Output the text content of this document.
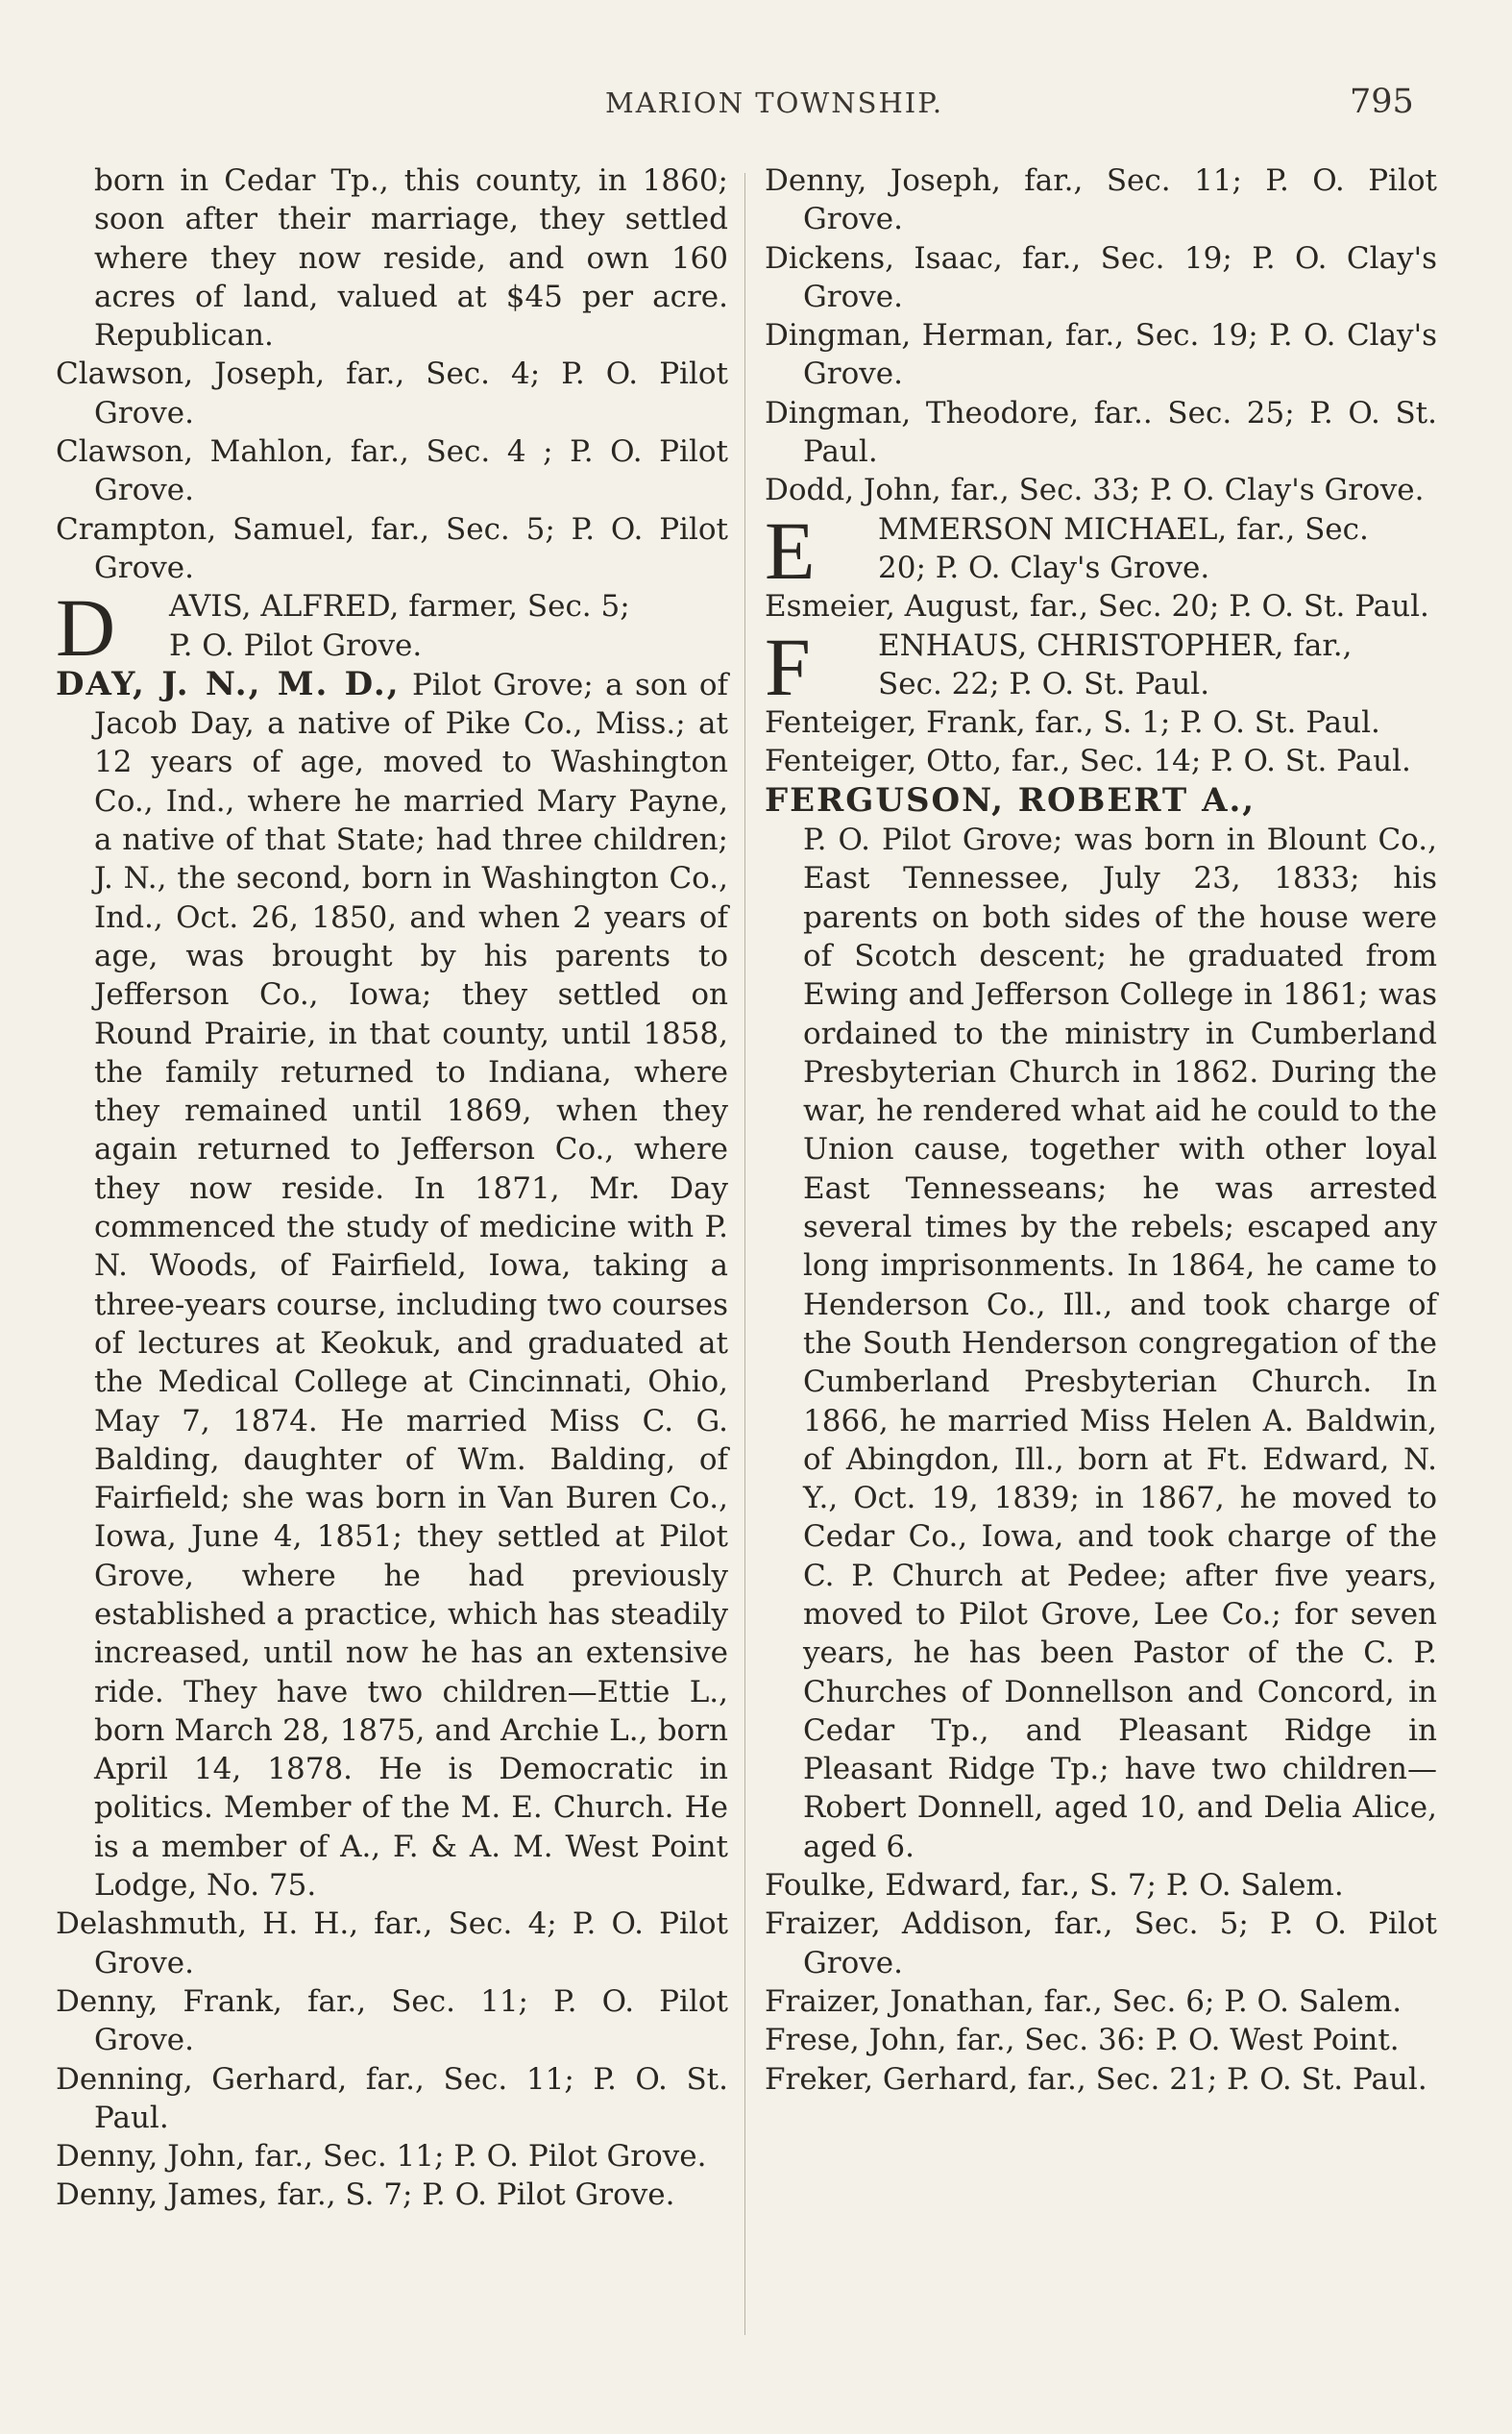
MARION TOWNSHIP.	795

born in Cedar Tp., this county, in 1860; soon after their marriage, they settled where they now reside, and own 160 acres of land, valued at $45 per acre. Republican.

Clawson, Joseph, far., Sec. 4; P. O. Pilot Grove.

Clawson, Mahlon, far., Sec. 4 ; P. O. Pilot Grove.

Crampton, Samuel, far., Sec. 5; P. O. Pilot Grove.

D AVIS, ALFRED, farmer, Sec. 5;
P. O. Pilot Grove.

DAY, J. N., M. D., Pilot Grove; a son of Jacob Day, a native of Pike Co., Miss.; at 12 years of age, moved to Washington Co., Ind., where he married Mary Payne, a native of that State; had three children; J. N., the second, born in Washington Co., Ind., Oct. 26, 1850, and when 2 years of age, was brought by his parents to Jefferson Co., Iowa; they settled on Round Prairie, in that county, until 1858, the family returned to Indiana, where they remained until 1869, when they again returned to Jefferson Co., where they now reside. In 1871, Mr. Day commenced the study of medicine with P. N. Woods, of Fairfield, Iowa, taking a three-years course, including two courses of lectures at Keokuk, and graduated at the Medical College at Cincinnati, Ohio, May 7, 1874. He married Miss C. G. Balding, daughter of Wm. Balding, of Fairfield; she was born in Van Buren Co., Iowa, June 4, 1851; they settled at Pilot Grove, where he had previously established a practice, which has steadily increased, until now he has an extensive ride. They have two children—Ettie L., born March 28, 1875, and Archie L., born April 14, 1878. He is Democratic in politics. Member of the M. E. Church. He is a member of A., F. & A. M. West Point Lodge, No. 75.

Delashmuth, H. H., far., Sec. 4; P. O. Pilot Grove.

Denny, Frank, far., Sec. 11; P. O. Pilot Grove.

Denning, Gerhard, far., Sec. 11; P. O. St. Paul.

Denny, John, far., Sec. 11; P. O. Pilot Grove.

Denny, James, far., S. 7; P. O. Pilot Grove.

Denny, Joseph, far., Sec. 11; P. O. Pilot Grove.

Dickens, Isaac, far., Sec. 19; P. O. Clay's Grove.

Dingman, Herman, far., Sec. 19; P. O. Clay's Grove.

Dingman, Theodore, far.. Sec. 25; P. O. St. Paul.

Dodd, John, far., Sec. 33; P. O. Clay's Grove.

E MMERSON MICHAEL, far., Sec.
20; P. O. Clay's Grove.

Esmeier, August, far., Sec. 20; P. O. St. Paul.

F ENHAUS, CHRISTOPHER, far.,
Sec. 22; P. O. St. Paul.

Fenteiger, Frank, far., S. 1; P. O. St. Paul.

Fenteiger, Otto, far., Sec. 14; P. O. St. Paul.

FERGUSON, ROBERT A.,
P. O. Pilot Grove; was born in Blount Co., East Tennessee, July 23, 1833; his parents on both sides of the house were of Scotch descent; he graduated from Ewing and Jefferson College in 1861; was ordained to the ministry in Cumberland Presbyterian Church in 1862. During the war, he rendered what aid he could to the Union cause, together with other loyal East Tennesseans; he was arrested several times by the rebels; escaped any long imprisonments. In 1864, he came to Henderson Co., Ill., and took charge of the South Henderson congregation of the Cumberland Presbyterian Church. In 1866, he married Miss Helen A. Baldwin, of Abingdon, Ill., born at Ft. Edward, N. Y., Oct. 19, 1839; in 1867, he moved to Cedar Co., Iowa, and took charge of the C. P. Church at Pedee; after five years, moved to Pilot Grove, Lee Co.; for seven years, he has been Pastor of the C. P. Churches of Donnellson and Concord, in Cedar Tp., and Pleasant Ridge in Pleasant Ridge Tp.; have two children—Robert Donnell, aged 10, and Delia Alice, aged 6.

Foulke, Edward, far., S. 7; P. O. Salem.

Fraizer, Addison, far., Sec. 5; P. O. Pilot Grove.

Fraizer, Jonathan, far., Sec. 6; P. O. Salem.

Frese, John, far., Sec. 36: P. O. West Point.

Freker, Gerhard, far., Sec. 21; P. O. St. Paul.
